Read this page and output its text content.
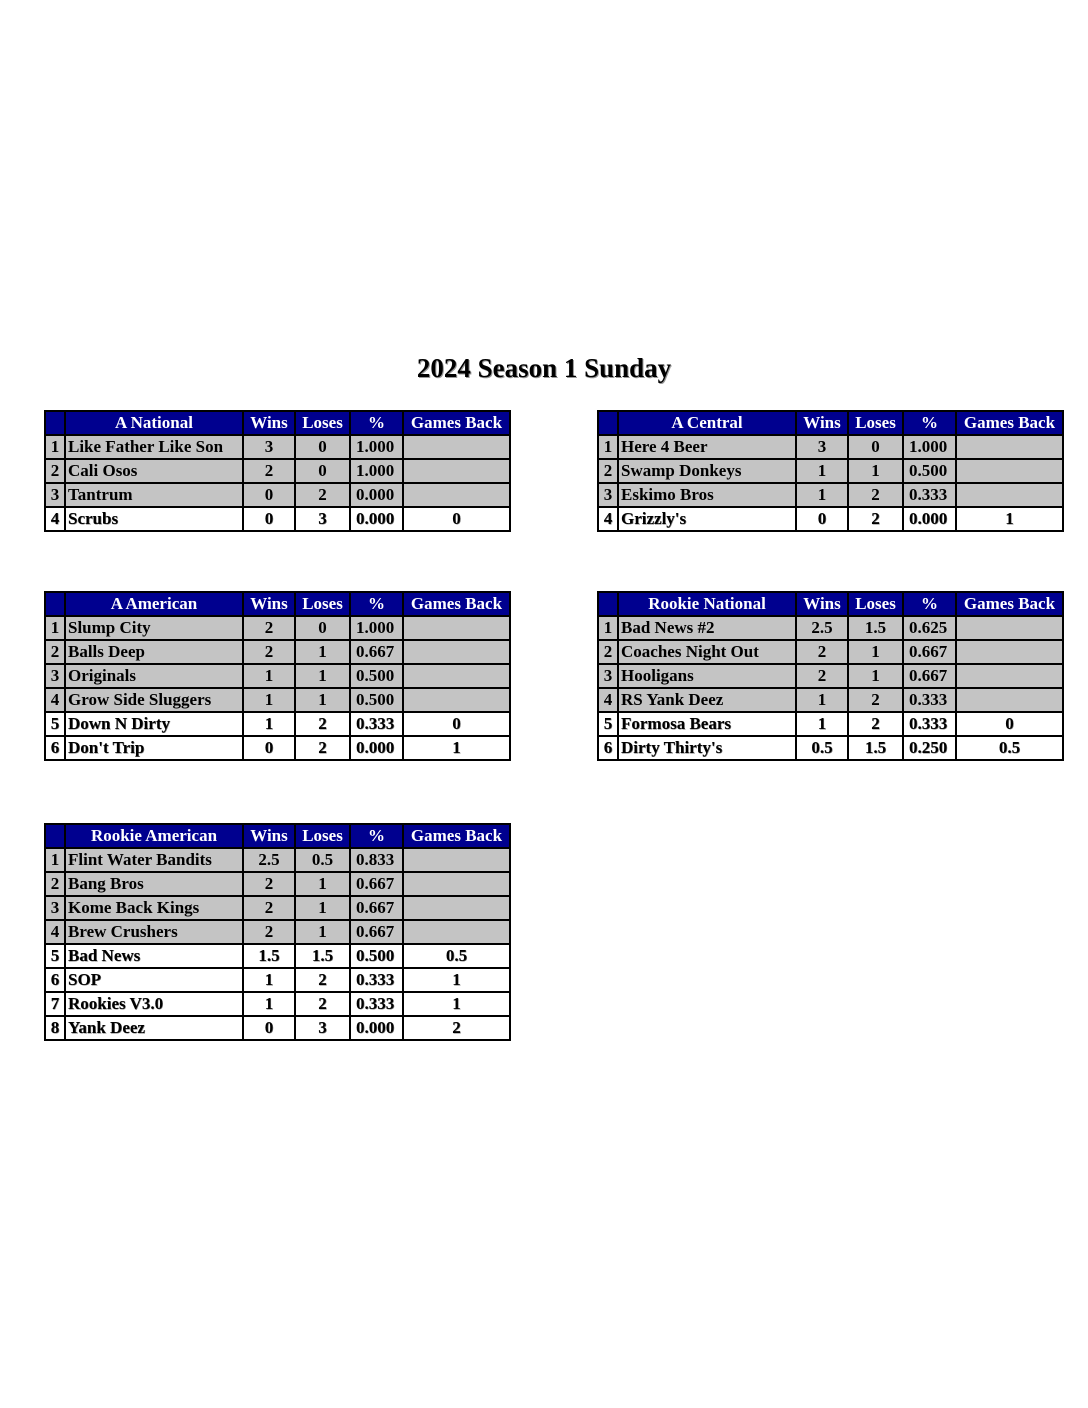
2024 Season 1 Sunday
	A National	Wins	Loses	%	Games Back
1	Like Father Like Son	3	0	1.000	
2	Cali Osos	2	0	1.000	
3	Tantrum	0	2	0.000	
4	Scrubs	0	3	0.000	0
	A Central	Wins	Loses	%	Games Back
1	Here 4 Beer	3	0	1.000	
2	Swamp Donkeys	1	1	0.500	
3	Eskimo Bros	1	2	0.333	
4	Grizzly's	0	2	0.000	1
	A American	Wins	Loses	%	Games Back
1	Slump City	2	0	1.000	
2	Balls Deep	2	1	0.667	
3	Originals	1	1	0.500	
4	Grow Side Sluggers	1	1	0.500	
5	Down N Dirty	1	2	0.333	0
6	Don't Trip	0	2	0.000	1
	Rookie National	Wins	Loses	%	Games Back
1	Bad News #2	2.5	1.5	0.625	
2	Coaches Night Out	2	1	0.667	
3	Hooligans	2	1	0.667	
4	RS Yank Deez	1	2	0.333	
5	Formosa Bears	1	2	0.333	0
6	Dirty Thirty's	0.5	1.5	0.250	0.5
	Rookie American	Wins	Loses	%	Games Back
1	Flint Water Bandits	2.5	0.5	0.833	
2	Bang Bros	2	1	0.667	
3	Kome Back Kings	2	1	0.667	
4	Brew Crushers	2	1	0.667	
5	Bad News	1.5	1.5	0.500	0.5
6	SOP	1	2	0.333	1
7	Rookies V3.0	1	2	0.333	1
8	Yank Deez	0	3	0.000	2
